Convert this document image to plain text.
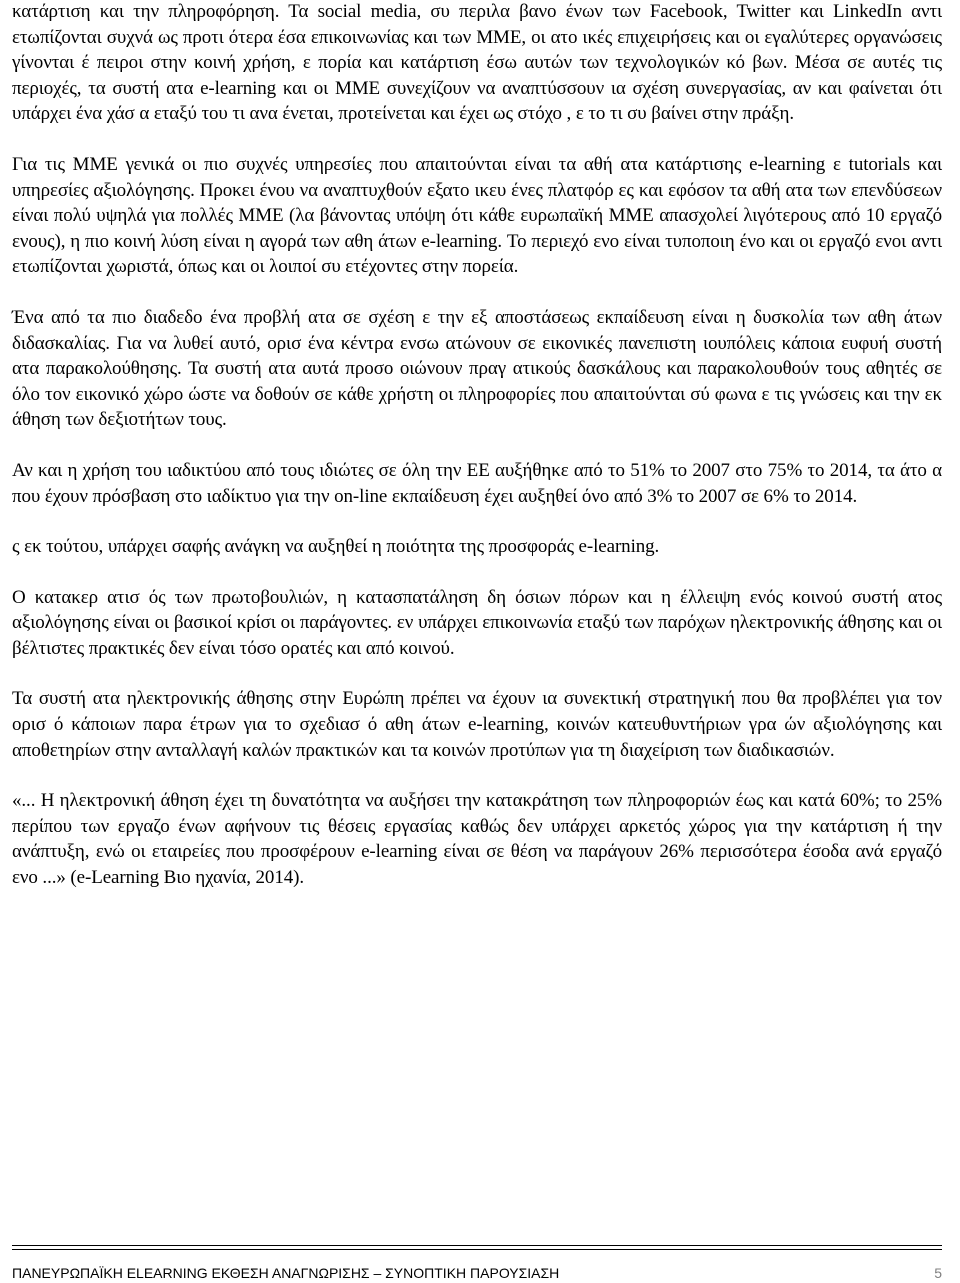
κατάρτιση και την πληροφόρηση. Τα social media, συ περιλα βανο ένων των Facebook, Twitter και LinkedIn αντι ετωπίζονται συχνά ως προτι ότερα έσα επικοινωνίας και των ΜΜΕ, οι ατο ικές επιχειρήσεις και οι εγαλύτερες οργανώσεις γίνονται έ πειροι στην κοινή χρήση, ε πορία και κατάρτιση έσω αυτών των τεχνολογικών κό βων. Μέσα σε αυτές τις περιοχές, τα συστή ατα e-learning και οι ΜΜΕ συνεχίζουν να αναπτύσσουν ια σχέση συνεργασίας, αν και φαίνεται ότι υπάρχει ένα χάσ α εταξύ του τι ανα ένεται, προτείνεται και έχει ως στόχο , ε το τι συ βαίνει στην πράξη.

Για τις ΜΜΕ γενικά οι πιο συχνές υπηρεσίες που απαιτούνται είναι τα αθή ατα κατάρτισης e-learning ε tutorials και υπηρεσίες αξιολόγησης. Προκει ένου να αναπτυχθούν εξατο ικευ ένες πλατφόρ ες και εφόσον τα αθή ατα των επενδύσεων είναι πολύ υψηλά για πολλές ΜΜΕ (λα βάνοντας υπόψη ότι κάθε ευρωπαϊκή ΜΜΕ απασχολεί λιγότερους από 10 εργαζό ενους), η πιο κοινή λύση είναι η αγορά των αθη άτων e-learning. Το περιεχό ενο είναι τυποποιη ένο και οι εργαζό ενοι αντι ετωπίζονται χωριστά, όπως και οι λοιποί συ ετέχοντες στην πορεία.

Ένα από τα πιο διαδεδο ένα προβλή ατα σε σχέση ε την εξ αποστάσεως εκπαίδευση είναι η δυσκολία των αθη άτων διδασκαλίας. Για να λυθεί αυτό, ορισ ένα κέντρα ενσω ατώνουν σε εικονικές πανεπιστη ιουπόλεις κάποια ευφυή συστή ατα παρακολούθησης. Τα συστή ατα αυτά προσο οιώνουν πραγ ατικούς δασκάλους και παρακολουθούν τους αθητές σε όλο τον εικονικό χώρο ώστε να δοθούν σε κάθε χρήστη οι πληροφορίες που απαιτούνται σύ φωνα ε τις γνώσεις και την εκ άθηση των δεξιοτήτων τους.

Αν και η χρήση του ιαδικτύου από τους ιδιώτες σε όλη την ΕΕ αυξήθηκε από το 51% το 2007 στο 75% το 2014, τα άτο α που έχουν πρόσβαση στο ιαδίκτυο για την on-line εκπαίδευση έχει αυξηθεί όνο από 3% το 2007 σε 6% το 2014.

ς εκ τούτου, υπάρχει σαφής ανάγκη να αυξηθεί η ποιότητα της προσφοράς e-learning.

Ο κατακερ ατισ ός των πρωτοβουλιών, η κατασπατάληση δη όσιων πόρων και η έλλειψη ενός κοινού συστή ατος αξιολόγησης είναι οι βασικοί κρίσι οι παράγοντες. εν υπάρχει επικοινωνία εταξύ των παρόχων ηλεκτρονικής άθησης και οι βέλτιστες πρακτικές δεν είναι τόσο ορατές και από κοινού.

Τα συστή ατα ηλεκτρονικής άθησης στην Ευρώπη πρέπει να έχουν ια συνεκτική στρατηγική που θα προβλέπει για τον ορισ ό κάποιων παρα έτρων για το σχεδιασ ό αθη άτων e-learning, κοινών κατευθυντήριων γρα ών αξιολόγησης και αποθετηρίων στην ανταλλαγή καλών πρακτικών και τα κοινών προτύπων για τη διαχείριση των διαδικασιών.

«... Η ηλεκτρονική άθηση έχει τη δυνατότητα να αυξήσει την κατακράτηση των πληροφοριών έως και κατά 60%; το 25% περίπου των εργαζο ένων αφήνουν τις θέσεις εργασίας καθώς δεν υπάρχει αρκετός χώρος για την κατάρτιση ή την ανάπτυξη, ενώ οι εταιρείες που προσφέρουν e-learning είναι σε θέση να παράγουν 26% περισσότερα έσοδα ανά εργαζό ενο ...» (e-Learning Βιο ηχανία, 2014).

ΠΑΝΕΥΡΩΠΑΪΚΗ ELEARNING ΕΚΘΕΣΗ ΑΝΑΓΝΩΡΙΣΗΣ – ΣΥΝΟΠΤΙΚΗ ΠΑΡΟΥΣΙΑΣΗ	5
